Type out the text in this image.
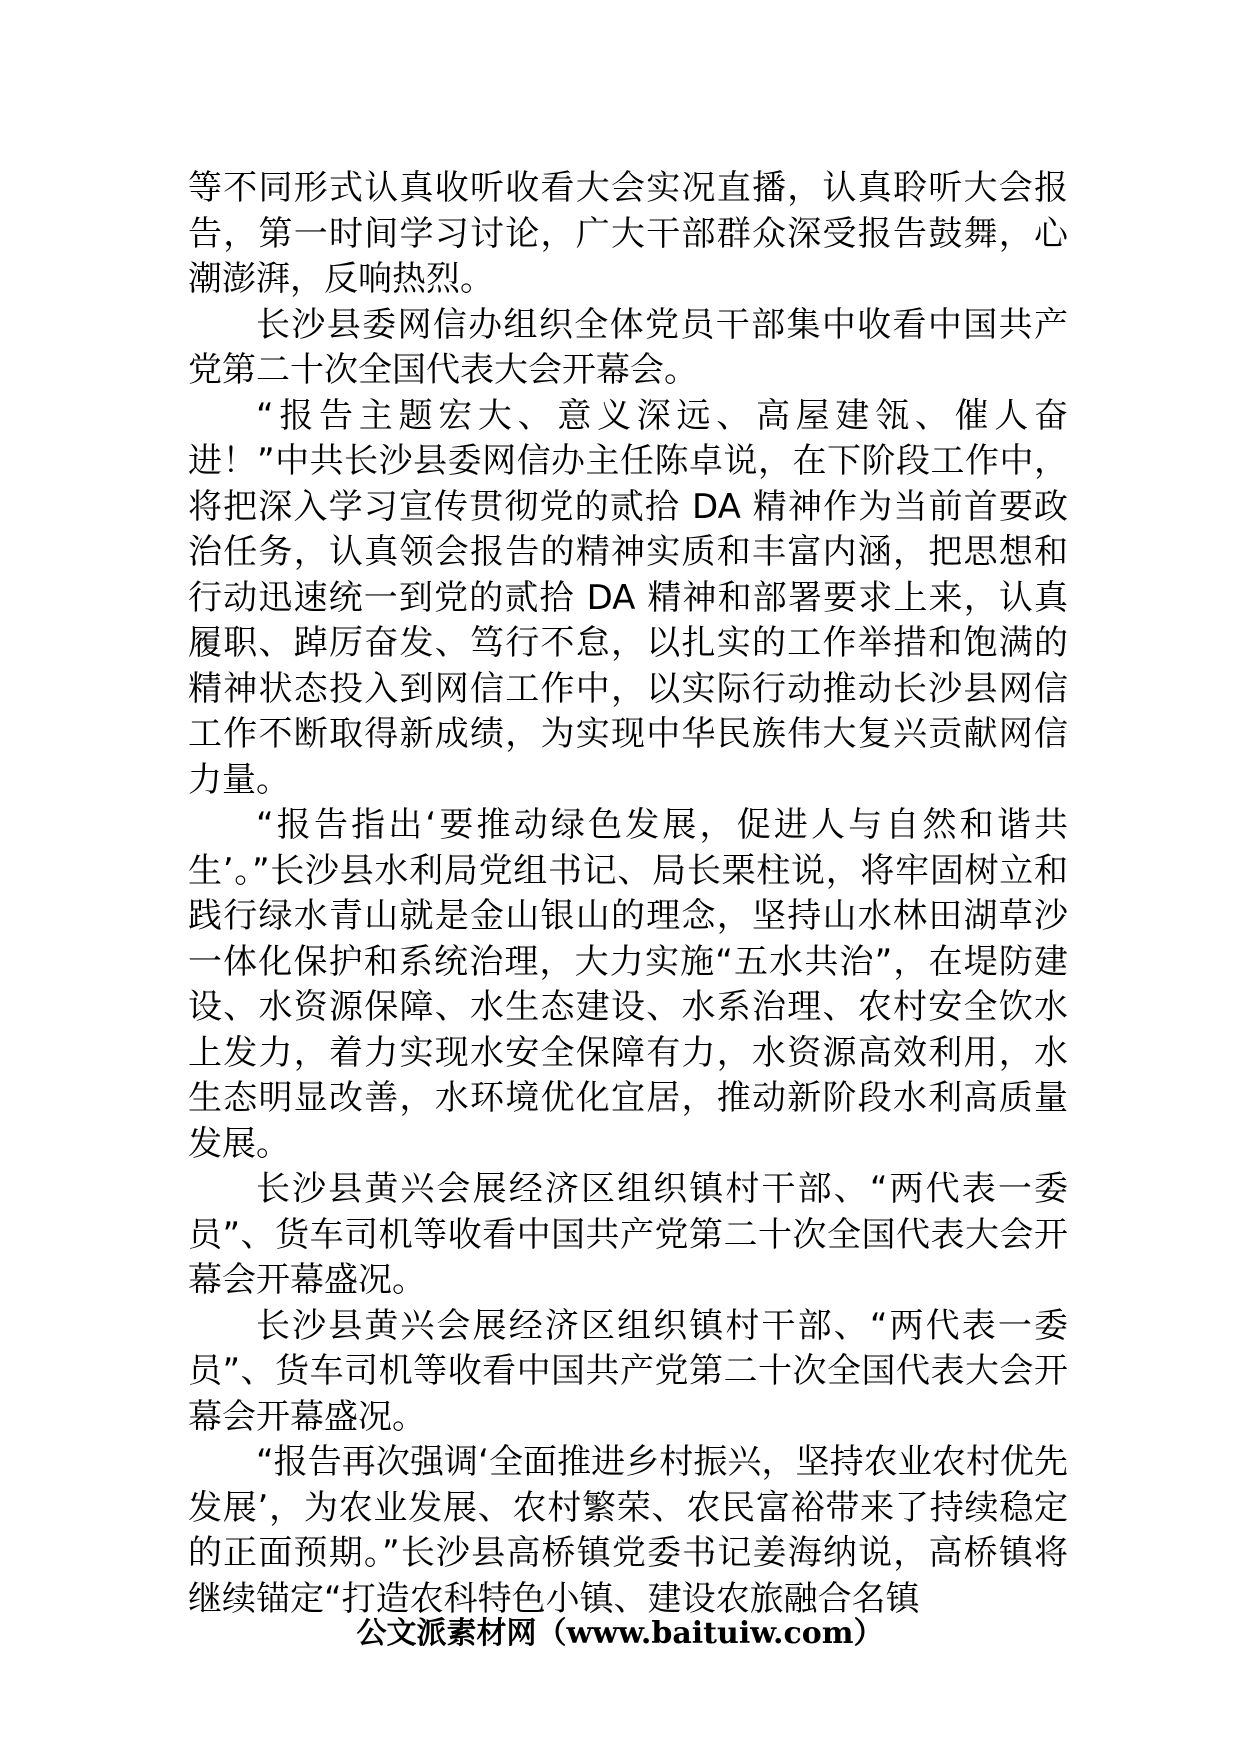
等不同形式认真收听收看大会实况直播，认真聆听大会报告，第一时间学习讨论，广大干部群众深受报告鼓舞，心潮澎湃，反响热烈。

长沙县委网信办组织全体党员干部集中收看中国共产党第二十次全国代表大会开幕会。

“报告主题宏大、意义深远、高屋建瓴、催人奋进！”中共长沙县委网信办主任陈卓说，在下阶段工作中，将把深入学习宣传贯彻党的贰拾 DA 精神作为当前首要政治任务，认真领会报告的精神实质和丰富内涵，把思想和行动迅速统一到党的贰拾 DA 精神和部署要求上来，认真履职、踔厉奋发、笃行不怠，以扎实的工作举措和饱满的精神状态投入到网信工作中，以实际行动推动长沙县网信工作不断取得新成绩，为实现中华民族伟大复兴贡献网信力量。

“报告指出‘要推动绿色发展，促进人与自然和谐共生’。”长沙县水利局党组书记、局长栗柱说，将牢固树立和践行绿水青山就是金山银山的理念，坚持山水林田湖草沙一体化保护和系统治理，大力实施“五水共治”，在堤防建设、水资源保障、水生态建设、水系治理、农村安全饮水上发力，着力实现水安全保障有力，水资源高效利用，水生态明显改善，水环境优化宜居，推动新阶段水利高质量发展。

长沙县黄兴会展经济区组织镇村干部、“两代表一委员”、货车司机等收看中国共产党第二十次全国代表大会开幕会开幕盛况。

长沙县黄兴会展经济区组织镇村干部、“两代表一委员”、货车司机等收看中国共产党第二十次全国代表大会开幕会开幕盛况。

“报告再次强调‘全面推进乡村振兴，坚持农业农村优先发展’，为农业发展、农村繁荣、农民富裕带来了持续稳定的正面预期。”长沙县高桥镇党委书记姜海纳说，高桥镇将继续锚定“打造农科特色小镇、建设农旅融合名镇

公文派素材网（www.baituiw.com）
